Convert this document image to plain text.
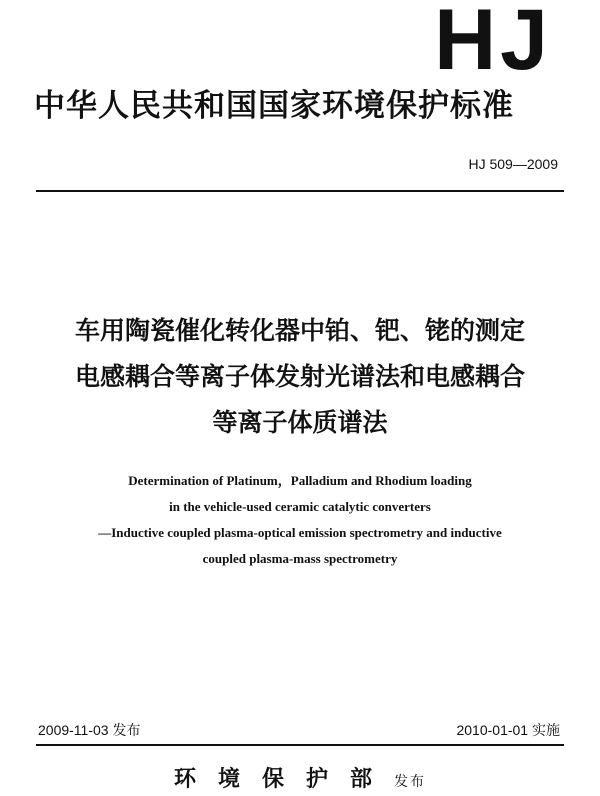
HJ
中华人民共和国国家环境保护标准
HJ 509—2009
车用陶瓷催化转化器中铂、钯、铑的测定
电感耦合等离子体发射光谱法和电感耦合
等离子体质谱法
Determination of Platinum，Palladium and Rhodium loading
in the vehicle-used ceramic catalytic converters
—Inductive coupled plasma-optical emission spectrometry and inductive
coupled plasma-mass spectrometry
2009-11-03 发布	2010-01-01 实施
环境保护部发布
